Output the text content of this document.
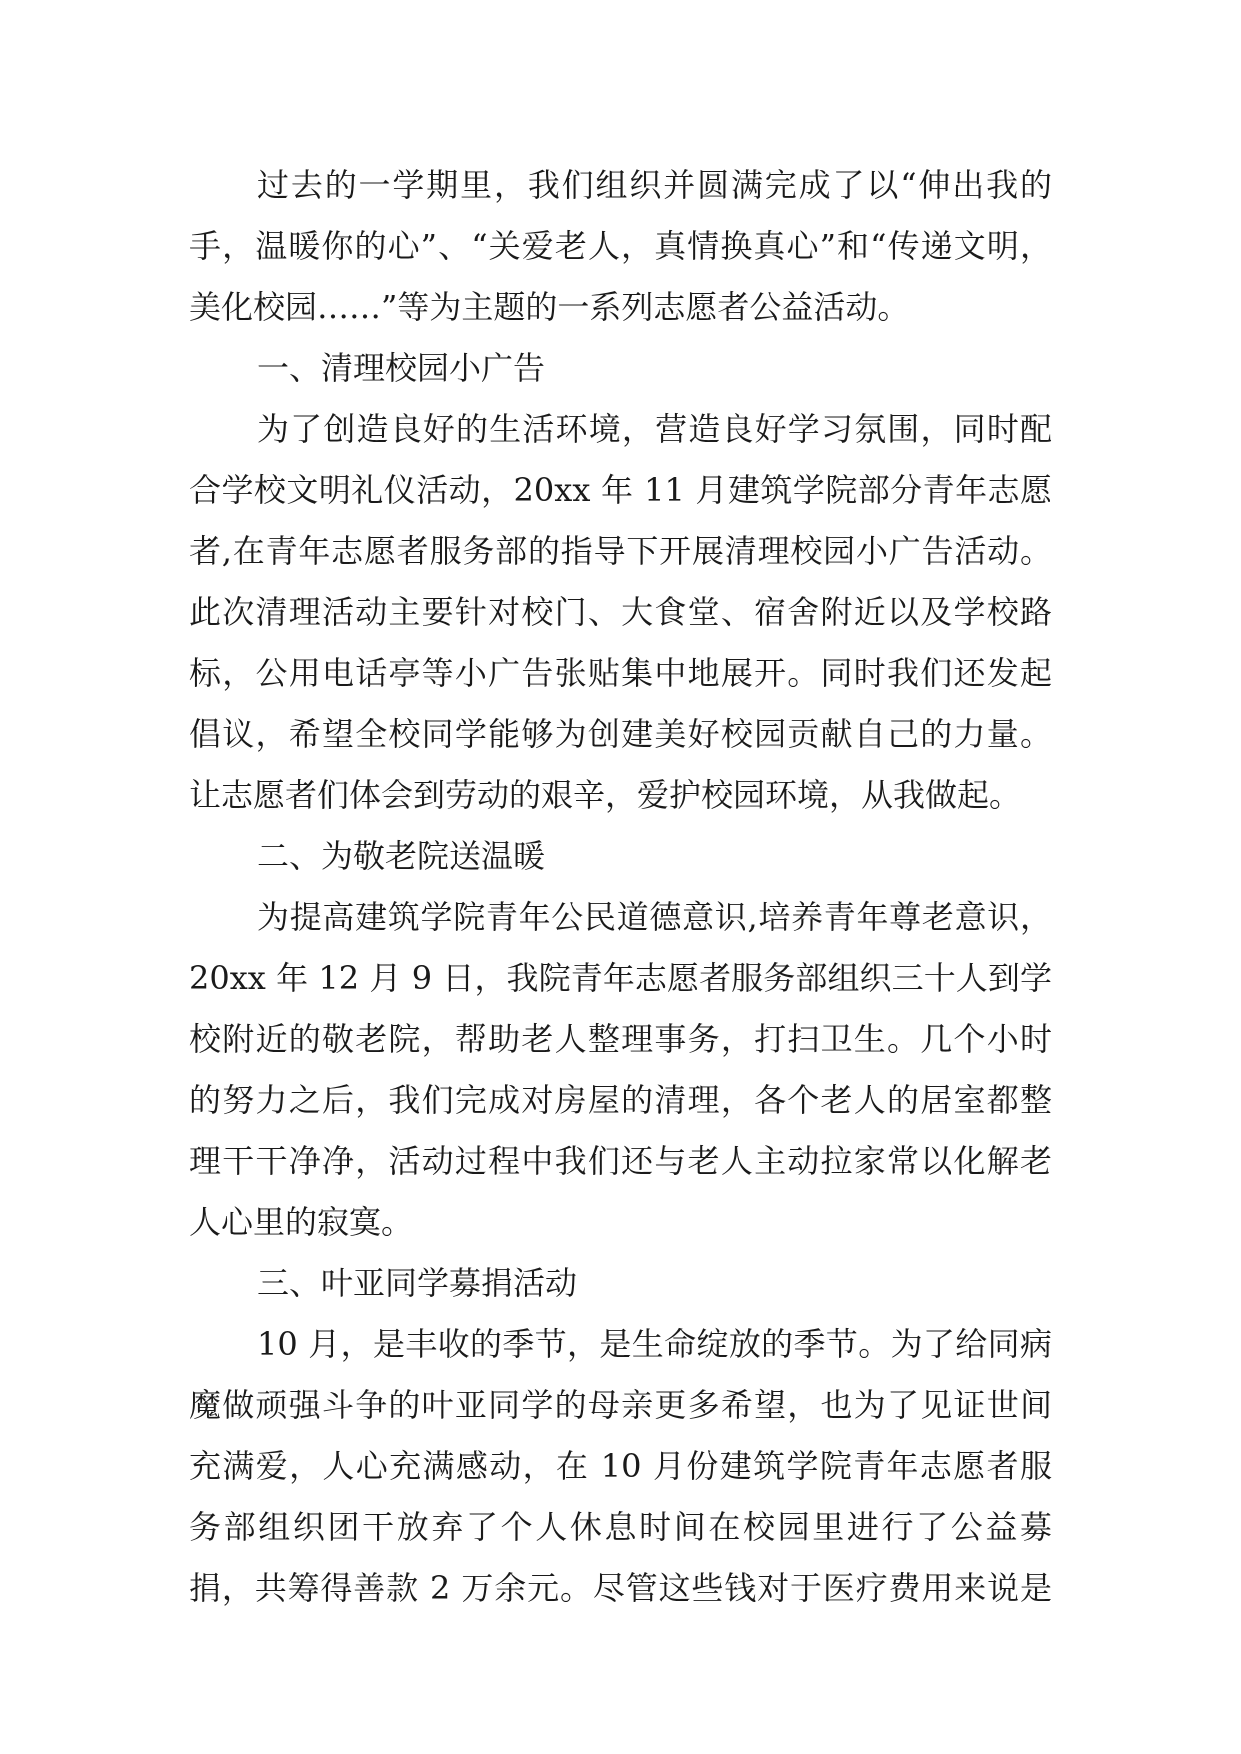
过去的一学期里，我们组织并圆满完成了以“伸出我的
手，温暖你的心”、“关爱老人，真情换真心”和“传递文明，
美化校园……”等为主题的一系列志愿者公益活动。
一、清理校园小广告
为了创造良好的生活环境，营造良好学习氛围，同时配
合学校文明礼仪活动，20xx 年 11 月建筑学院部分青年志愿
者,在青年志愿者服务部的指导下开展清理校园小广告活动。
此次清理活动主要针对校门、大食堂、宿舍附近以及学校路
标，公用电话亭等小广告张贴集中地展开。同时我们还发起
倡议，希望全校同学能够为创建美好校园贡献自己的力量。
让志愿者们体会到劳动的艰辛，爱护校园环境，从我做起。
二、为敬老院送温暖
为提高建筑学院青年公民道德意识,培养青年尊老意识，
20xx 年 12 月 9 日，我院青年志愿者服务部组织三十人到学
校附近的敬老院，帮助老人整理事务，打扫卫生。几个小时
的努力之后，我们完成对房屋的清理，各个老人的居室都整
理干干净净，活动过程中我们还与老人主动拉家常以化解老
人心里的寂寞。
三、叶亚同学募捐活动
10 月，是丰收的季节，是生命绽放的季节。为了给同病
魔做顽强斗争的叶亚同学的母亲更多希望，也为了见证世间
充满爱，人心充满感动，在 10 月份建筑学院青年志愿者服
务部组织团干放弃了个人休息时间在校园里进行了公益募
捐，共筹得善款 2 万余元。尽管这些钱对于医疗费用来说是
